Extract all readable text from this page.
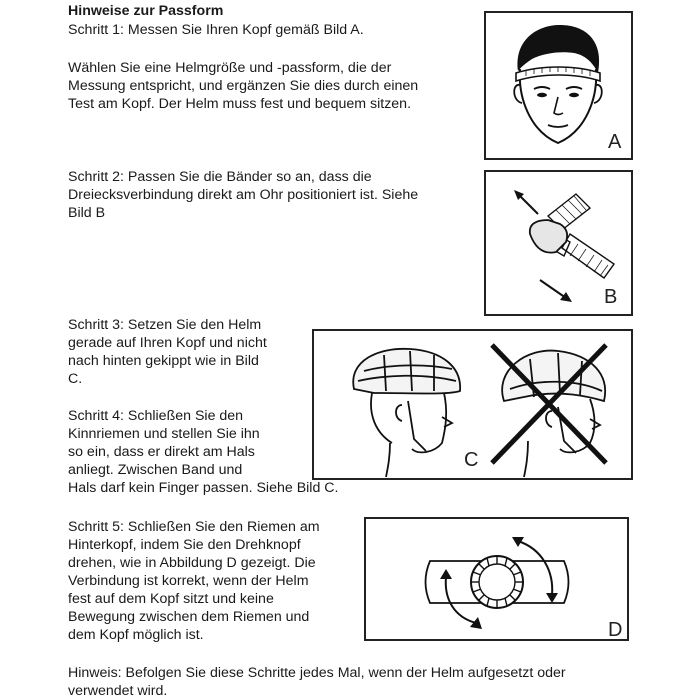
Hinweise zur Passform
Schritt 1: Messen Sie Ihren Kopf gemäß Bild A.
Wählen Sie eine Helmgröße und -passform, die der
Messung entspricht, und ergänzen Sie dies durch einen
Test am Kopf. Der Helm muss fest und bequem sitzen.
Schritt 2: Passen Sie die Bänder so an, dass die
Dreiecksverbindung direkt am Ohr positioniert ist. Siehe
Bild B
Schritt 3: Setzen Sie den Helm
gerade auf Ihren Kopf und nicht
nach hinten gekippt wie in Bild
C.
Schritt 4: Schließen Sie den
Kinnriemen und stellen Sie ihn
so ein, dass er direkt am Hals
anliegt. Zwischen Band und
Hals darf kein Finger passen. Siehe Bild C.
Schritt 5: Schließen Sie den Riemen am
Hinterkopf, indem Sie den Drehknopf
drehen, wie in Abbildung D gezeigt. Die
Verbindung ist korrekt, wenn der Helm
fest auf dem Kopf sitzt und keine
Bewegung zwischen dem Riemen und
dem Kopf möglich ist.
Hinweis: Befolgen Sie diese Schritte jedes Mal, wenn der Helm aufgesetzt oder
verwendet wird.
A
B
C
D
